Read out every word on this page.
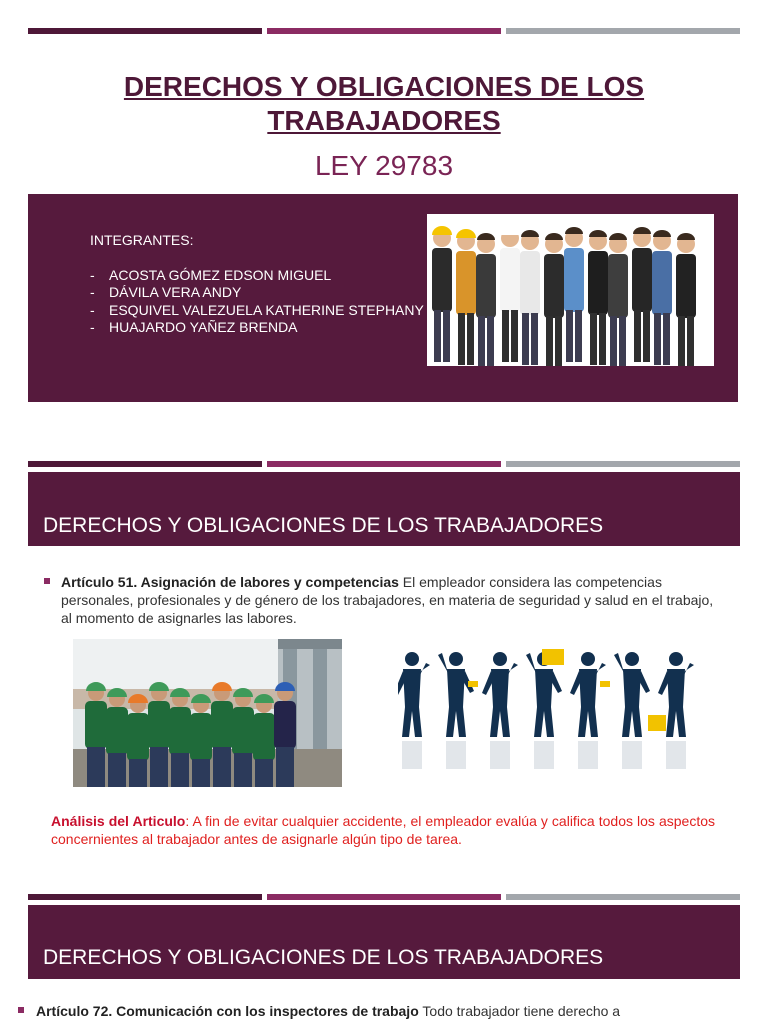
DERECHOS Y OBLIGACIONES DE LOS TRABAJADORES
LEY 29783
INTEGRANTES:
- ACOSTA GÓMEZ EDSON MIGUEL
- DÁVILA VERA ANDY
- ESQUIVEL VALEZUELA KATHERINE STEPHANY
- HUAJARDO YAÑEZ BRENDA
DERECHOS Y OBLIGACIONES DE LOS TRABAJADORES
Artículo 51. Asignación de labores y competencias El empleador considera las competencias personales, profesionales y de género de los trabajadores, en materia de seguridad y salud en el trabajo, al momento de asignarles las labores.
Análisis del Articulo: A fin de evitar cualquier accidente, el empleador evalúa y califica todos los aspectos concernientes al trabajador antes de asignarle algún tipo de tarea.
DERECHOS Y OBLIGACIONES DE LOS TRABAJADORES
Artículo 72. Comunicación con los inspectores de trabajo Todo trabajador tiene derecho a
